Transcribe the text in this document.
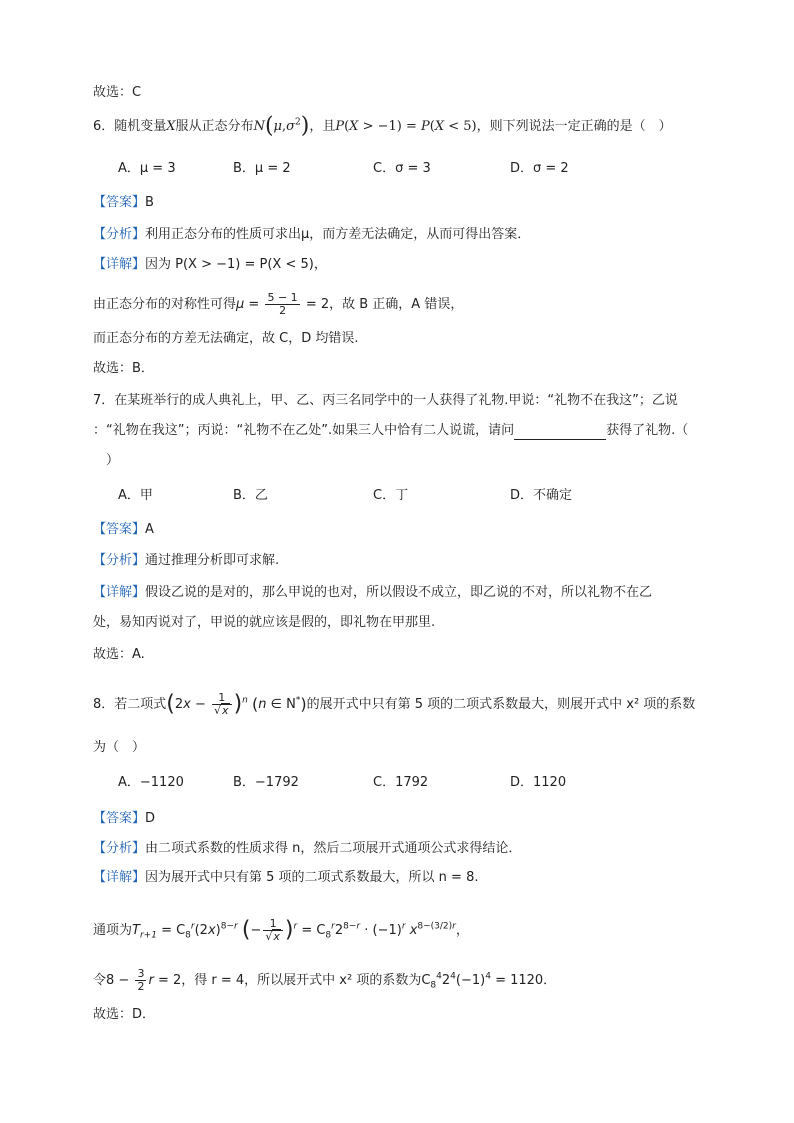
故选：C
6．随机变量X服从正态分布$N(\mu,\sigma^2)$，且P(X > −1) = P(X < 5)，则下列说法一定正确的是（　）
A．μ = 3	B．μ = 2	C．σ = 3	D．σ = 2
【答案】B
【分析】利用正态分布的性质可求出μ，而方差无法确定，从而可得出答案．
【详解】因为 P(X > −1) = P(X < 5)，
由正态分布的对称性可得$\mu = \frac{5 - 1}{2} = 2$，故 B 正确，A 错误，
而正态分布的方差无法确定，故 C，D 均错误.
故选：B．
7．在某班举行的成人典礼上，甲、乙、丙三名同学中的一人获得了礼物.甲说：“礼物不在我这”；乙说
：“礼物在我这”；丙说：“礼物不在乙处”.如果三人中恰有二人说谎，请问	获得了礼物.（
　）
A．甲	B．乙	C．丁	D．不确定
【答案】A
【分析】通过推理分析即可求解.
【详解】假设乙说的是对的，那么甲说的也对，所以假设不成立，即乙说的不对，所以礼物不在乙
处，易知丙说对了，甲说的就应该是假的，即礼物在甲那里.
故选：A.
8．若二项式$(2x - \frac{1}{√x} )^n$ (n ∈ N*)的展开式中只有第 5 项的二项式系数最大，则展开式中 x² 项的系数
为（　）
A．−1120	B．−1792	C．1792	D．1120
【答案】D
【分析】由二项式系数的性质求得 n，然后二项展开式通项公式求得结论．
【详解】因为展开式中只有第 5 项的二项式系数最大，所以 n = 8.
通项为$T_{r+1} = C_8^r(2x)^{8-r}$ (− $\frac{1}{√x} )^r = C_8^r2^{8-r} \cdot (-1)^r$ $x^{8-(3/2)r}$，
令$8 - \frac{3}{2}$ r = 2，得 r = 4，所以展开式中 x² 项的系数为$C_8^42^4(-1)^4 = 1120$．
故选：D．
